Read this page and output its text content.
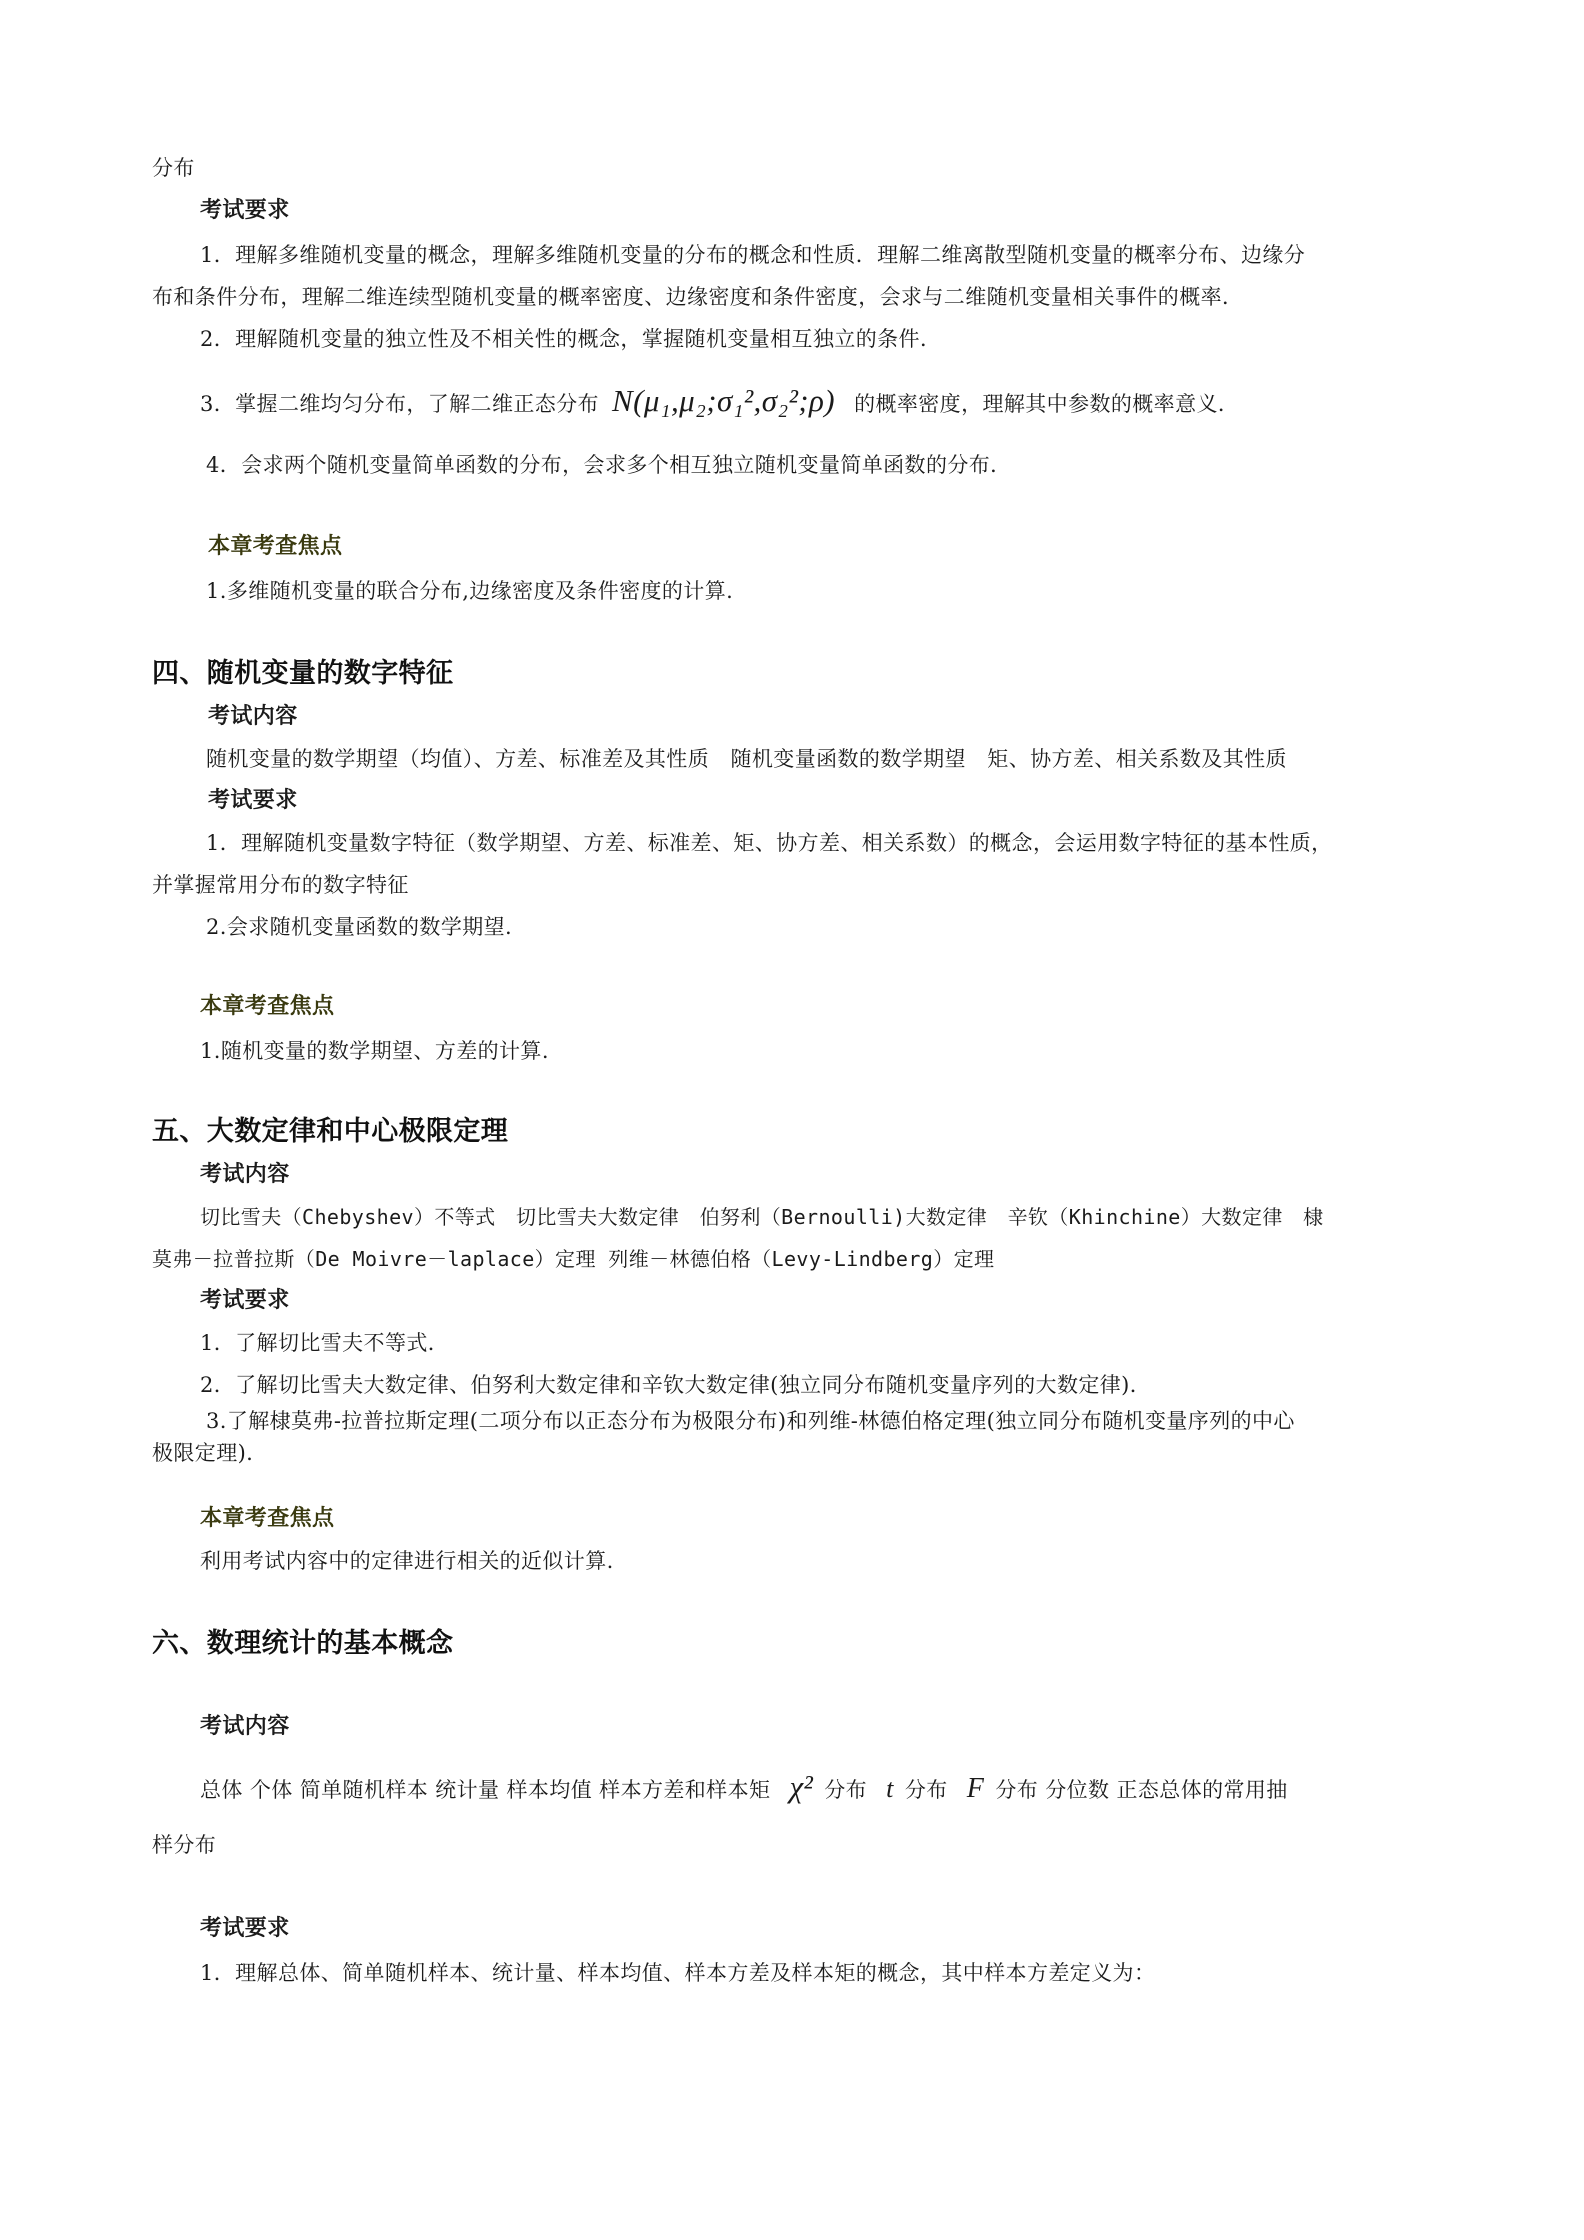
分布
考试要求
1．理解多维随机变量的概念，理解多维随机变量的分布的概念和性质．理解二维离散型随机变量的概率分布、边缘分
布和条件分布，理解二维连续型随机变量的概率密度、边缘密度和条件密度，会求与二维随机变量相关事件的概率．
2．理解随机变量的独立性及不相关性的概念，掌握随机变量相互独立的条件．
3．掌握二维均匀分布，了解二维正态分布 N(μ₁,μ₂;σ₁²,σ₂²;ρ) 的概率密度，理解其中参数的概率意义．
4．会求两个随机变量简单函数的分布，会求多个相互独立随机变量简单函数的分布．
本章考查焦点
1.多维随机变量的联合分布,边缘密度及条件密度的计算.
四、随机变量的数字特征
考试内容
随机变量的数学期望（均值）、方差、标准差及其性质　随机变量函数的数学期望　矩、协方差、相关系数及其性质
考试要求
1．理解随机变量数字特征（数学期望、方差、标准差、矩、协方差、相关系数）的概念，会运用数字特征的基本性质，
并掌握常用分布的数字特征
2.会求随机变量函数的数学期望.
本章考查焦点
1.随机变量的数学期望、方差的计算.
五、大数定律和中心极限定理
考试内容
切比雪夫（Chebyshev）不等式　切比雪夫大数定律　伯努利（Bernoulli)大数定律　辛钦（Khinchine）大数定律　棣
莫弗－拉普拉斯（De Moivre－laplace）定理 列维－林德伯格（Levy-Lindberg）定理
考试要求
1．了解切比雪夫不等式．
2．了解切比雪夫大数定律、伯努利大数定律和辛钦大数定律(独立同分布随机变量序列的大数定律)．
3.了解棣莫弗-拉普拉斯定理(二项分布以正态分布为极限分布)和列维-林德伯格定理(独立同分布随机变量序列的中心
极限定理)．
本章考查焦点
利用考试内容中的定律进行相关的近似计算.
六、数理统计的基本概念
考试内容
总体 个体 简单随机样本 统计量 样本均值 样本方差和样本矩 χ² 分布 t 分布 F 分布 分位数 正态总体的常用抽
样分布
考试要求
1．理解总体、简单随机样本、统计量、样本均值、样本方差及样本矩的概念，其中样本方差定义为：
